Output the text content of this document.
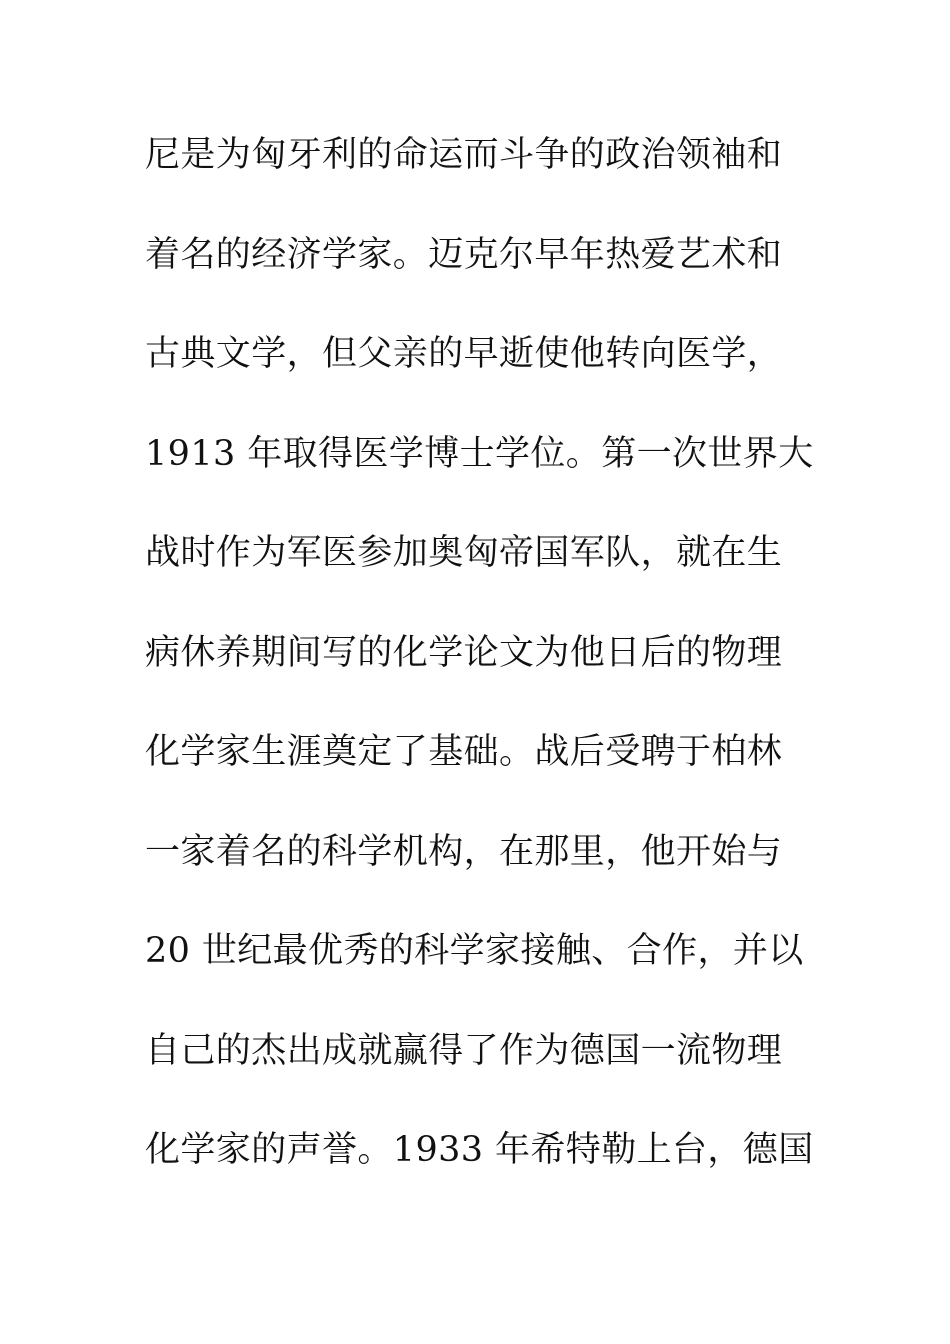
尼是为匈牙利的命运而斗争的政治领袖和
着名的经济学家。迈克尔早年热爱艺术和
古典文学，但父亲的早逝使他转向医学，
1913 年取得医学博士学位。第一次世界大
战时作为军医参加奥匈帝国军队，就在生
病休养期间写的化学论文为他日后的物理
化学家生涯奠定了基础。战后受聘于柏林
一家着名的科学机构，在那里，他开始与
20 世纪最优秀的科学家接触、合作，并以
自己的杰出成就赢得了作为德国一流物理
化学家的声誉。1933 年希特勒上台，德国
